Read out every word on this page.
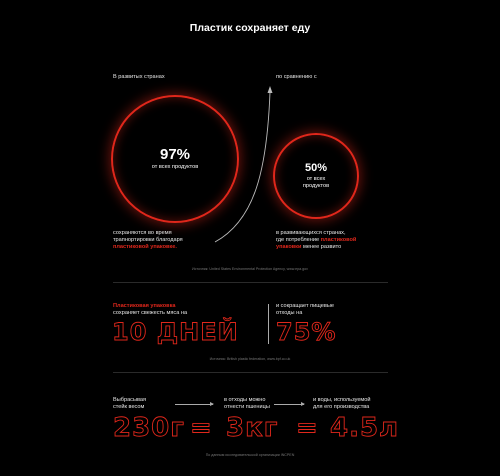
Пластик сохраняет еду
В развитых странах	по сравнению с
97%
от всех продуктов	50%
от всех
продуктов
сохраняются во время
трапнортировки благодаря
пластиковой упаковке.
в развивающихся странах,
где потребление пластиковой
упаковки менее развито
Источник: United States Environmental Protection Agency, www.epa.gov
Пластиковая упаковка
сохраняет свежесть мяса на
10 ДНЕЙ
и сокращает пищевые
отходы на
75%
Источник: British plastic federation, www.bpf.co.uk
Выбрасывая
стейк весом
в отходы можно
отнести пшеницы
и воды, используемой
для его производства
230г = 3кг = 4.5л
По данным исследовательской организации INCPEN
